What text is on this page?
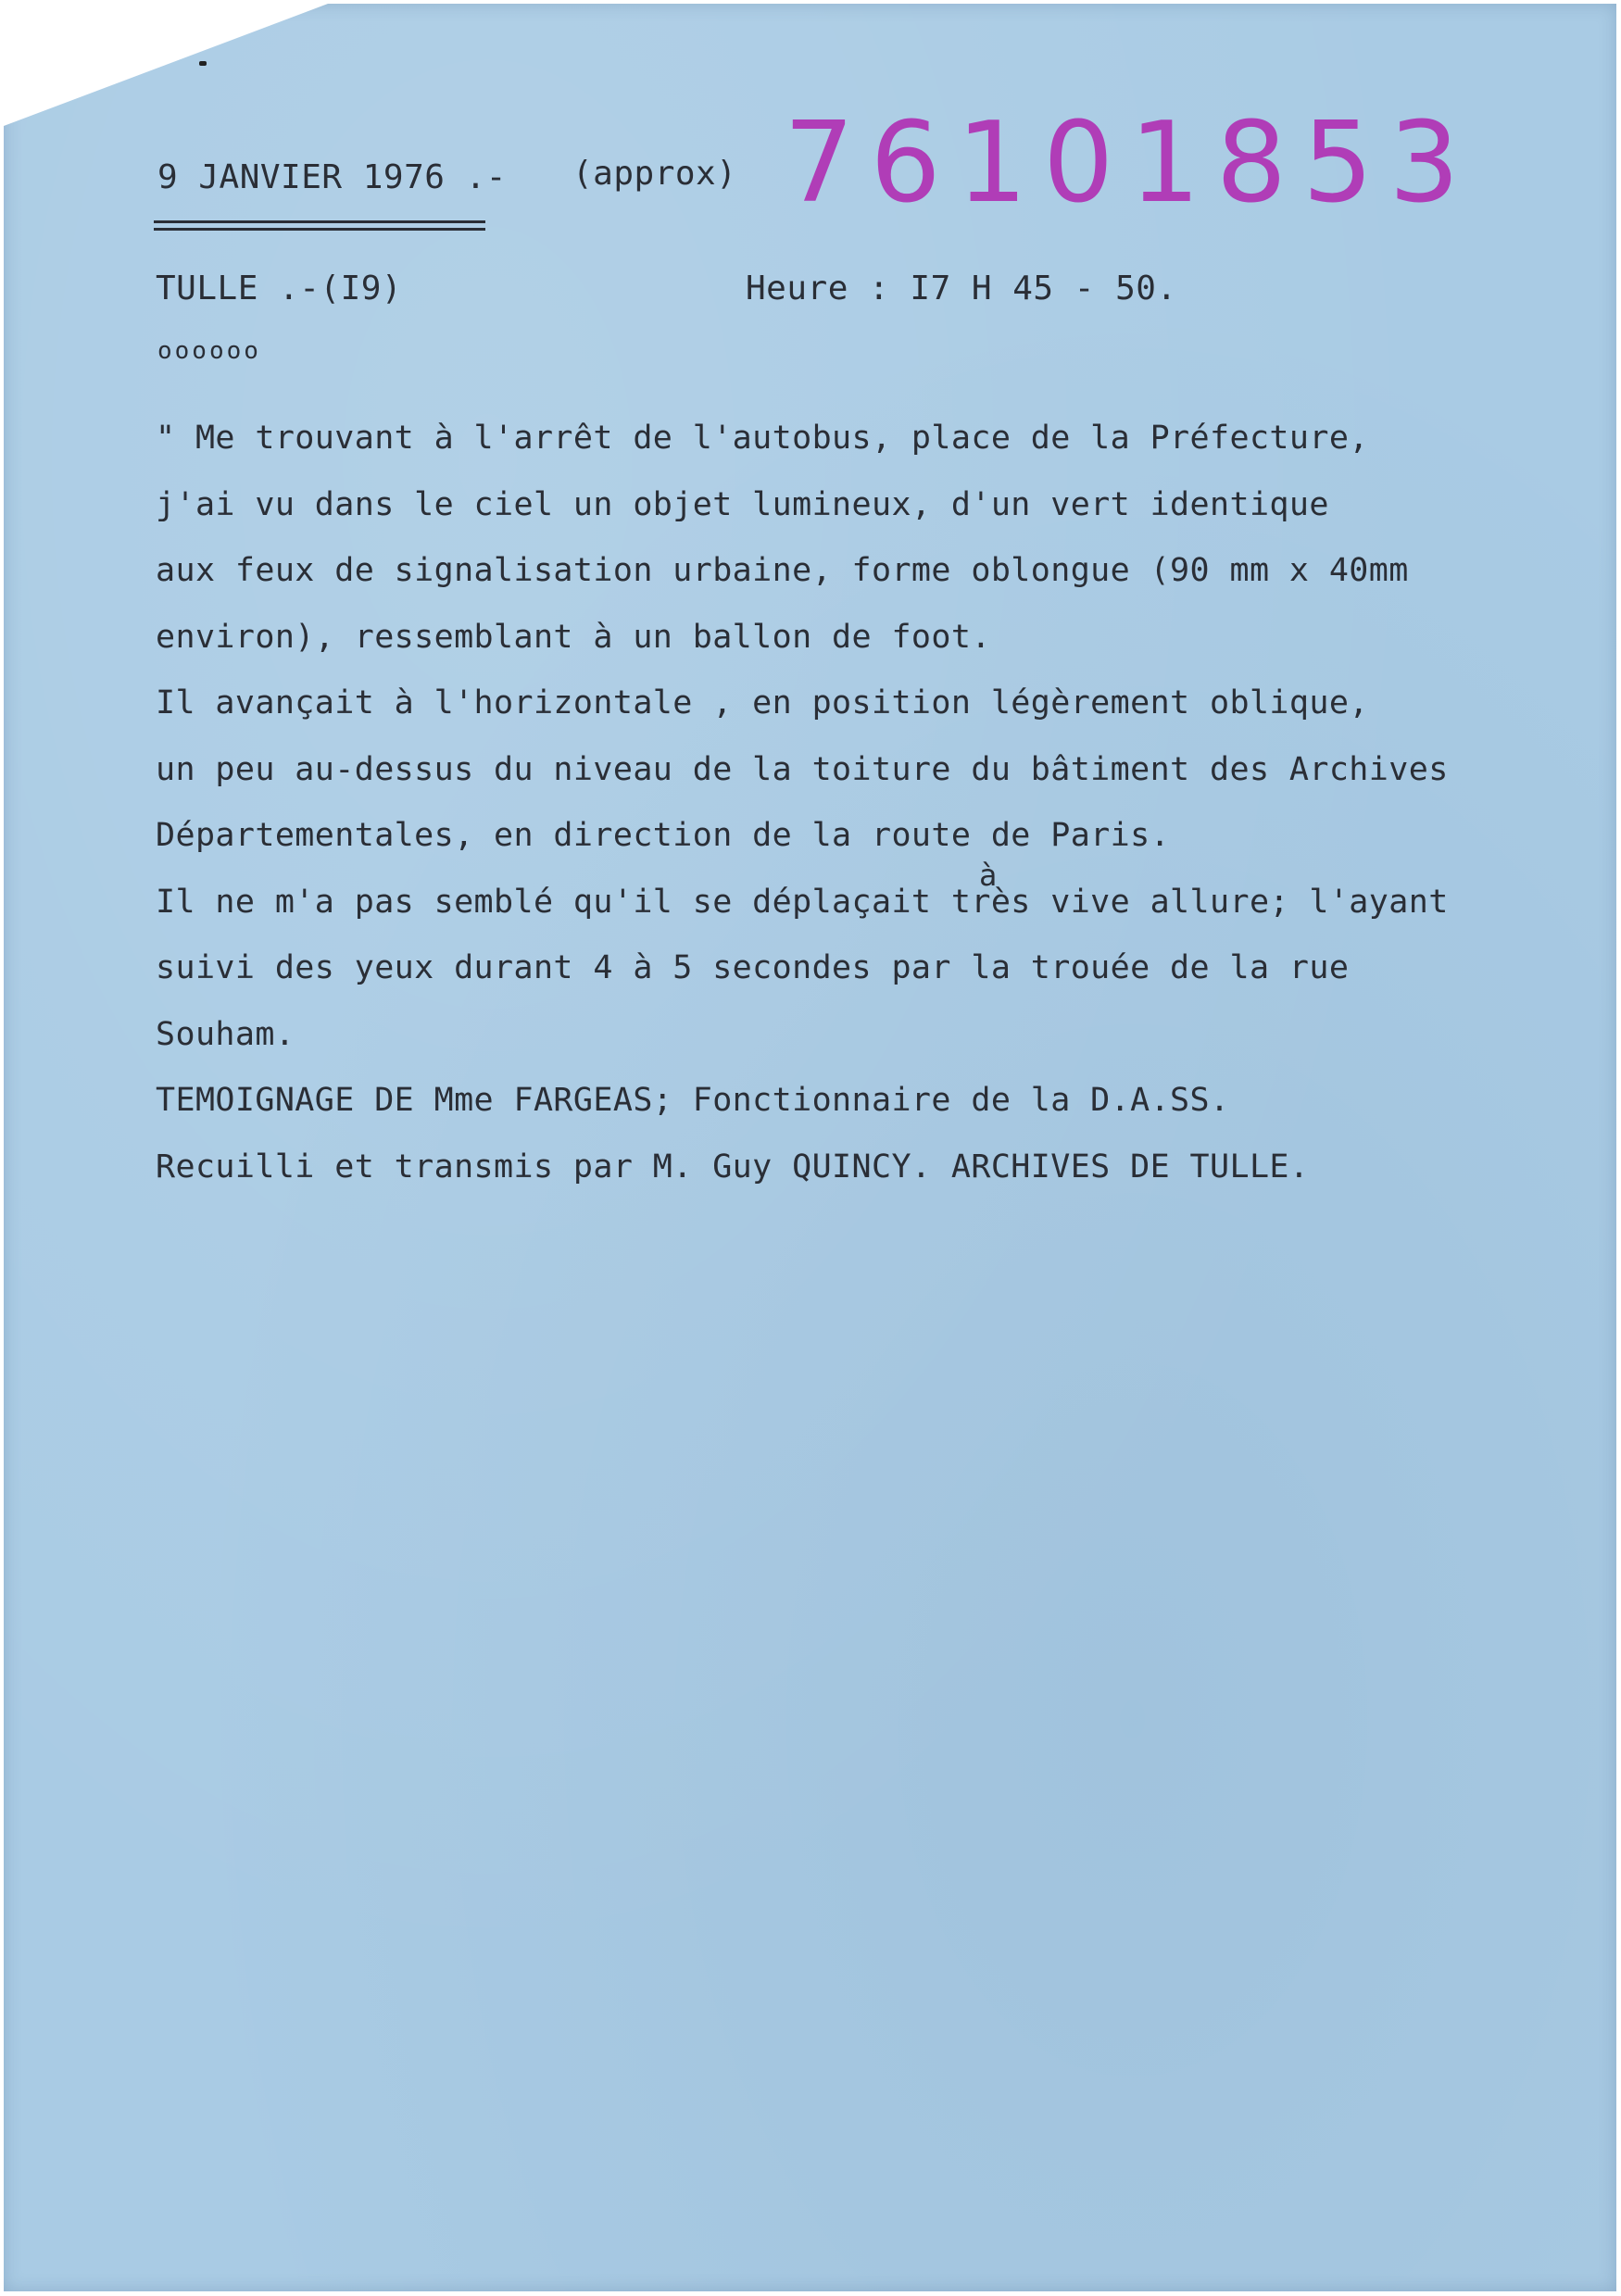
9 JANVIER 1976 .- (approx) 76101853
TULLE .-(I9)	Heure : I7 H 45 - 50.
oooooo
" Me trouvant à l'arrêt de l'autobus, place de la Préfecture,
j'ai vu dans le ciel un objet lumineux, d'un vert identique
aux feux de signalisation urbaine, forme oblongue (90 mm x 40mm
environ), ressemblant à un ballon de foot.
Il avançait à l'horizontale , en position légèrement oblique,
un peu au-dessus du niveau de la toiture du bâtiment des Archives
Départementales, en direction de la route de Paris.
Il ne m'a pas semblé qu'il se déplaçait très vive allure; l'ayant
suivi des yeux durant 4 à 5 secondes par la trouée de la rue
Souham.
TEMOIGNAGE DE Mme FARGEAS; Fonctionnaire de la D.A.SS.
Recuilli et transmis par M. Guy QUINCY. ARCHIVES DE TULLE.
à
